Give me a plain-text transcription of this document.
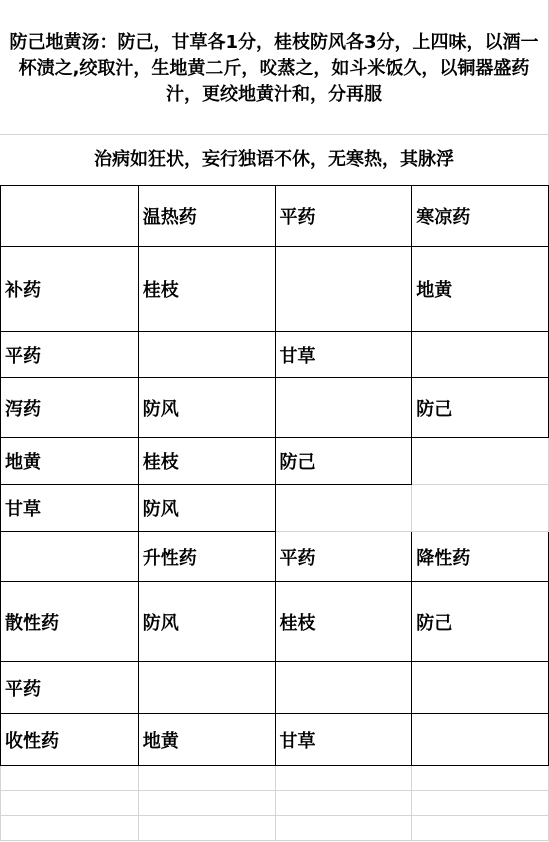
防己地黄汤：防己，甘草各1分，桂枝防风各3分，上四味，以酒一杯渍之,绞取汁，生地黄二斤，㕮蒸之，如斗米饭久，以铜器盛药汁，更绞地黄汁和，分再服
治病如狂状，妄行独语不休，无寒热，其脉浮
	温热药	平药	寒凉药
补药	桂枝		地黄
平药		甘草	
泻药	防风		防己
地黄	桂枝	防己	
甘草	防风		
	升性药	平药	降性药
散性药	防风	桂枝	防己
平药			
收性药	地黄	甘草	
